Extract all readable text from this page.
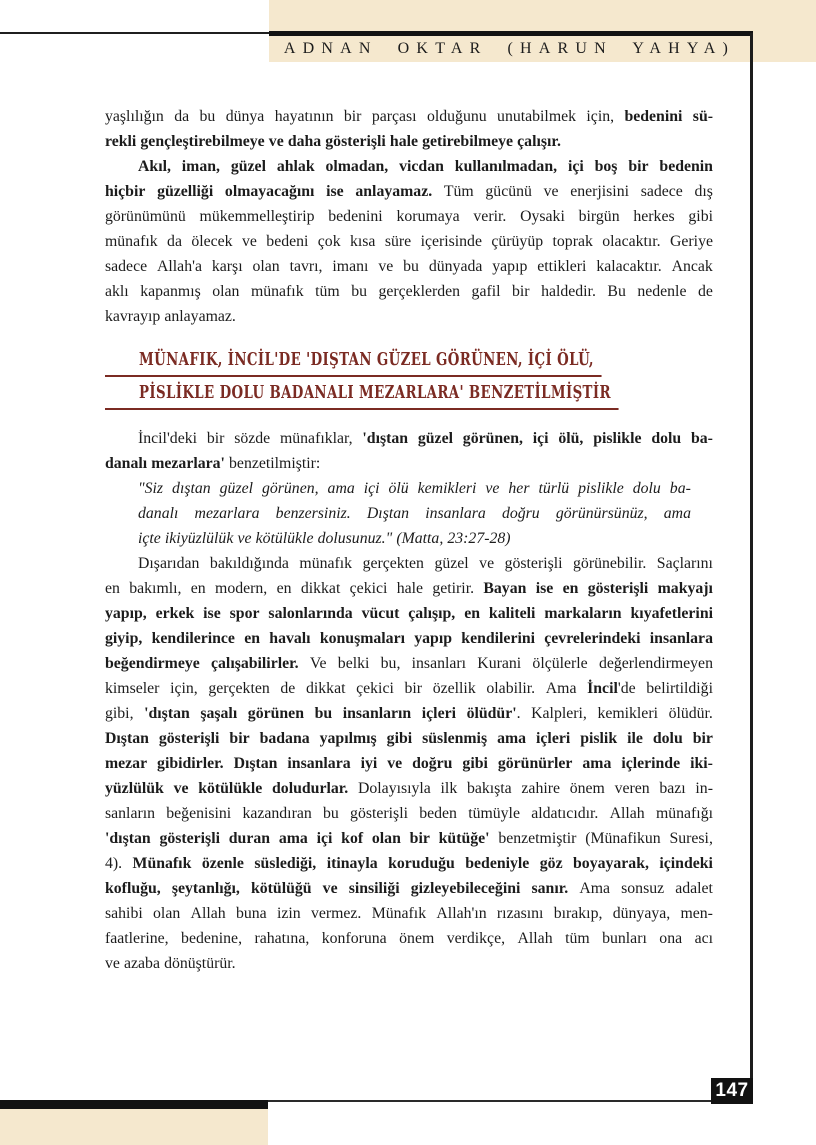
ADNAN OKTAR (HARUN YAHYA)
yaşlılığın da bu dünya hayatının bir parçası olduğunu unutabilmek için, bedenini sü-
rekli gençleştirebilmeye ve daha gösterişli hale getirebilmeye çalışır.
Akıl, iman, güzel ahlak olmadan, vicdan kullanılmadan, içi boş bir bedenin
hiçbir güzelliği olmayacağını ise anlayamaz. Tüm gücünü ve enerjisini sadece dış
görünümünü mükemmelleştirip bedenini korumaya verir. Oysaki birgün herkes gibi
münafık da ölecek ve bedeni çok kısa süre içerisinde çürüyüp toprak olacaktır. Geriye
sadece Allah'a karşı olan tavrı, imanı ve bu dünyada yapıp ettikleri kalacaktır. Ancak
aklı kapanmış olan münafık tüm bu gerçeklerden gafil bir haldedir. Bu nedenle de
kavrayıp anlayamaz.
MÜNAFIK, İNCİL'DE 'DIŞTAN GÜZEL GÖRÜNEN, İÇİ ÖLÜ,
PİSLİKLE DOLU BADANALI MEZARLARA' BENZETİLMİŞTİR
İncil'deki bir sözde münafıklar, 'dıştan güzel görünen, içi ölü, pislikle dolu ba-
danalı mezarlara' benzetilmiştir:
"Siz dıştan güzel görünen, ama içi ölü kemikleri ve her türlü pislikle dolu ba-
danalı mezarlara benzersiniz. Dıştan insanlara doğru görünürsünüz, ama
içte ikiyüzlülük ve kötülükle dolusunuz." (Matta, 23:27-28)
Dışarıdan bakıldığında münafık gerçekten güzel ve gösterişli görünebilir. Saçlarını
en bakımlı, en modern, en dikkat çekici hale getirir. Bayan ise en gösterişli makyajı
yapıp, erkek ise spor salonlarında vücut çalışıp, en kaliteli markaların kıyafetlerini
giyip, kendilerince en havalı konuşmaları yapıp kendilerini çevrelerindeki insanlara
beğendirmeye çalışabilirler. Ve belki bu, insanları Kurani ölçülerle değerlendirmeyen
kimseler için, gerçekten de dikkat çekici bir özellik olabilir. Ama İncil'de belirtildiği
gibi, 'dıştan şaşalı görünen bu insanların içleri ölüdür'. Kalpleri, kemikleri ölüdür.
Dıştan gösterişli bir badana yapılmış gibi süslenmiş ama içleri pislik ile dolu bir
mezar gibidirler. Dıştan insanlara iyi ve doğru gibi görünürler ama içlerinde iki-
yüzlülük ve kötülükle doludurlar. Dolayısıyla ilk bakışta zahire önem veren bazı in-
sanların beğenisini kazandıran bu gösterişli beden tümüyle aldatıcıdır. Allah münafığı
'dıştan gösterişli duran ama içi kof olan bir kütüğe' benzetmiştir (Münafikun Suresi,
4). Münafık özenle süslediği, itinayla koruduğu bedeniyle göz boyayarak, içindeki
kofluğu, şeytanlığı, kötülüğü ve sinsiliği gizleyebileceğini sanır. Ama sonsuz adalet
sahibi olan Allah buna izin vermez. Münafık Allah'ın rızasını bırakıp, dünyaya, men-
faatlerine, bedenine, rahatına, konforuna önem verdikçe, Allah tüm bunları ona acı
ve azaba dönüştürür.
147
